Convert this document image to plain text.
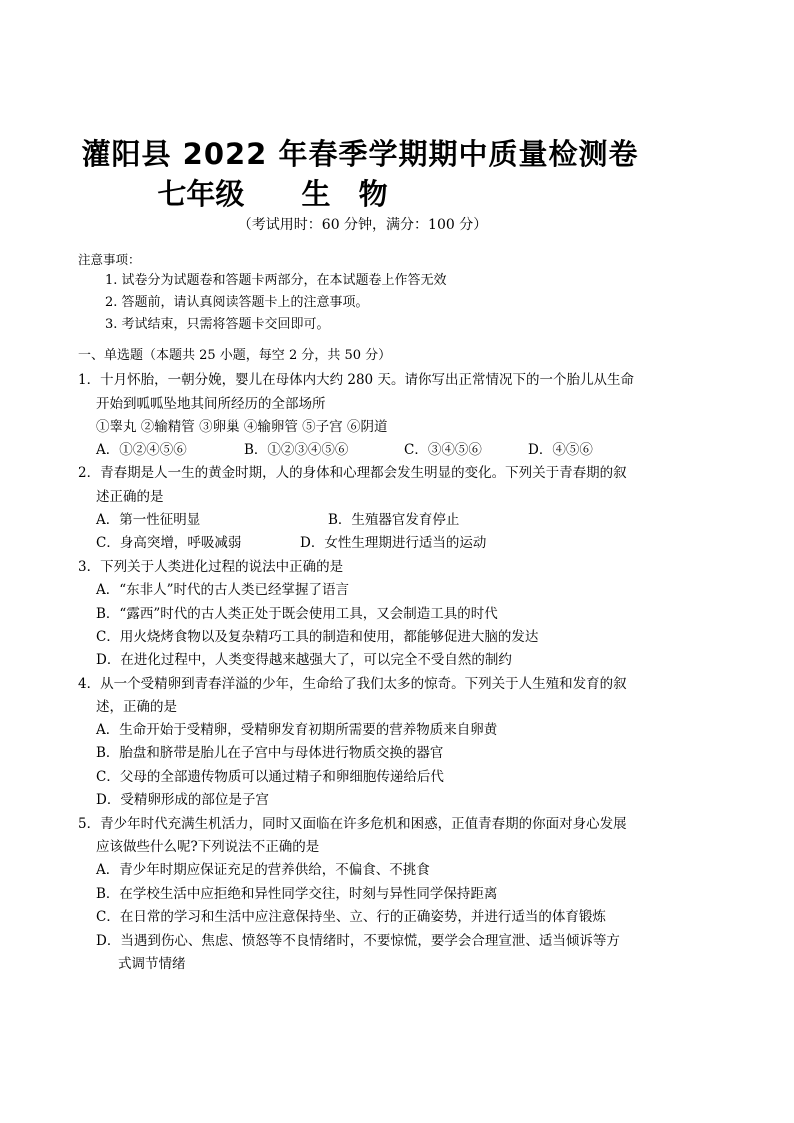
灌阳县 2022 年春季学期期中质量检测卷
七年级　 生 物
（考试用时：60 分钟，满分：100 分）
注意事项：
1. 试卷分为试题卷和答题卡两部分，在本试题卷上作答无效
2. 答题前，请认真阅读答题卡上的注意事项。
3. 考试结束，只需将答题卡交回即可。
一、单选题（本题共 25 小题，每空 2 分，共 50 分）
1．十月怀胎，一朝分娩，婴儿在母体内大约 280 天。请你写出正常情况下的一个胎儿从生命
开始到呱呱坠地其间所经历的全部场所
①睾丸 ②输精管 ③卵巢 ④输卵管 ⑤子宫 ⑥阴道
A．①②④⑤⑥	B．①②③④⑤⑥	C．③④⑤⑥	D．④⑤⑥
2．青春期是人一生的黄金时期，人的身体和心理都会发生明显的变化。下列关于青春期的叙
述正确的是
A．第一性征明显	B．生殖器官发育停止
C．身高突增，呼吸减弱	D．女性生理期进行适当的运动
3．下列关于人类进化过程的说法中正确的是
A．“东非人”时代的古人类已经掌握了语言
B．“露西”时代的古人类正处于既会使用工具，又会制造工具的时代
C．用火烧烤食物以及复杂精巧工具的制造和使用，都能够促进大脑的发达
D．在进化过程中，人类变得越来越强大了，可以完全不受自然的制约
4．从一个受精卵到青春洋溢的少年，生命给了我们太多的惊奇。下列关于人生殖和发育的叙
述，正确的是
A．生命开始于受精卵，受精卵发育初期所需要的营养物质来自卵黄
B．胎盘和脐带是胎儿在子宫中与母体进行物质交换的器官
C．父母的全部遗传物质可以通过精子和卵细胞传递给后代
D．受精卵形成的部位是子宫
5．青少年时代充满生机活力，同时又面临在许多危机和困惑，正值青春期的你面对身心发展
应该做些什么呢?下列说法不正确的是
A．青少年时期应保证充足的营养供给，不偏食、不挑食
B．在学校生活中应拒绝和异性同学交往，时刻与异性同学保持距离
C．在日常的学习和生活中应注意保持坐、立、行的正确姿势，并进行适当的体育锻炼
D．当遇到伤心、焦虑、愤怒等不良情绪时，不要惊慌，要学会合理宣泄、适当倾诉等方
式调节情绪
